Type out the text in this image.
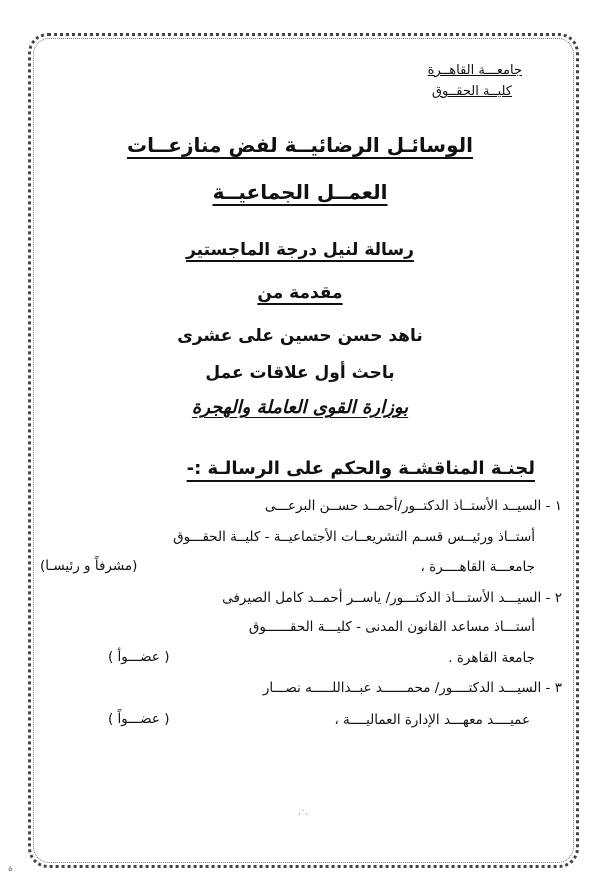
جامعـــة القاهــرة
كليــة الحقــوق
الوسائـل الرضائيــة لفض منازعــات
العمــل الجماعيــة
رسالة لنيل درجة الماجستير
مقدمة من
ناهد حسن حسين على عشرى
باحث أول علاقات عمل
بوزارة القوى العاملة والهجرة
لجنـة المناقشـة والحكم على الرسالـة :-
١ - السيــد الأستــاذ الدكتــور/أحمــد حســن البرعـــى
أستــاذ ورئيــس قسـم التشريعــات الأجتماعيــة - كليــة الحقـــوق
جامعـــة القاهــــرة ،
(مشرفاً و رئيسـا)
٢ - السيـــد الأستـــاذ الدكتـــور/ ياســر أحمــد كامل الصيرفى
أستـــاذ مساعد القانون المدنى - كليـــة الحقــــــوق
جامعة القاهرة .
( عضـــوأ )
٣ - السيـــد الدكتــــور/ محمــــــد عبــداللـــــه نصـــار
عميــــد معهـــد الإدارة العماليــــة ،
( عضـــواً )
·˙·
ﺓ
